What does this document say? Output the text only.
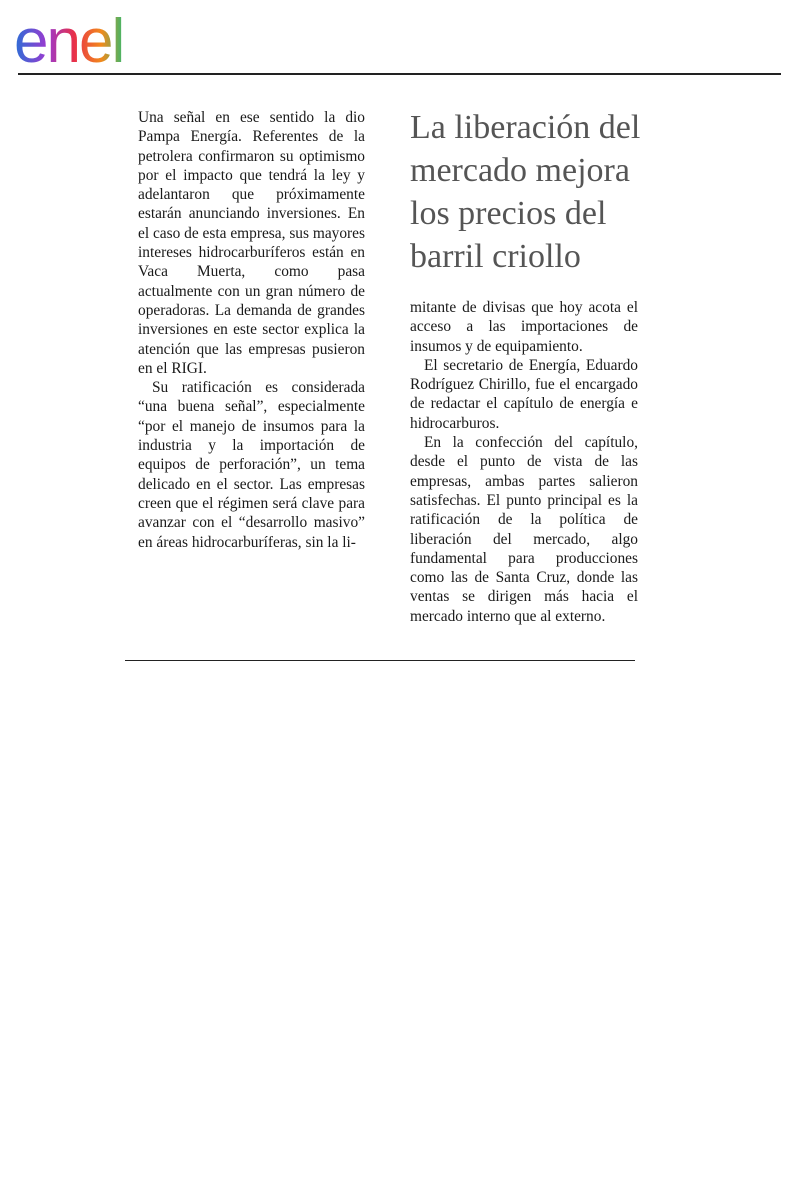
enel

Una señal en ese sentido la dio Pampa Energía. Referentes de la petrolera confirmaron su optimismo por el impacto que tendrá la ley y adelantaron que próximamente estarán anunciando inversiones. En el caso de esta empresa, sus mayores intereses hidrocarburíferos están en Vaca Muerta, como pasa actualmente con un gran número de operadoras. La demanda de grandes inversiones en este sector explica la atención que las empresas pusieron en el RIGI.

Su ratificación es considerada “una buena señal”, especialmente “por el manejo de insumos para la industria y la importación de equipos de perforación”, un tema delicado en el sector. Las empresas creen que el régimen será clave para avanzar con el “desarrollo masivo” en áreas hidrocarburíferas, sin la li-

La liberación del mercado mejora los precios del barril criollo

mitante de divisas que hoy acota el acceso a las importaciones de insumos y de equipamiento.

El secretario de Energía, Eduardo Rodríguez Chirillo, fue el encargado de redactar el capítulo de energía e hidrocarburos.

En la confección del capítulo, desde el punto de vista de las empresas, ambas partes salieron satisfechas. El punto principal es la ratificación de la política de liberación del mercado, algo fundamental para producciones como las de Santa Cruz, donde las ventas se dirigen más hacia el mercado interno que al externo.
